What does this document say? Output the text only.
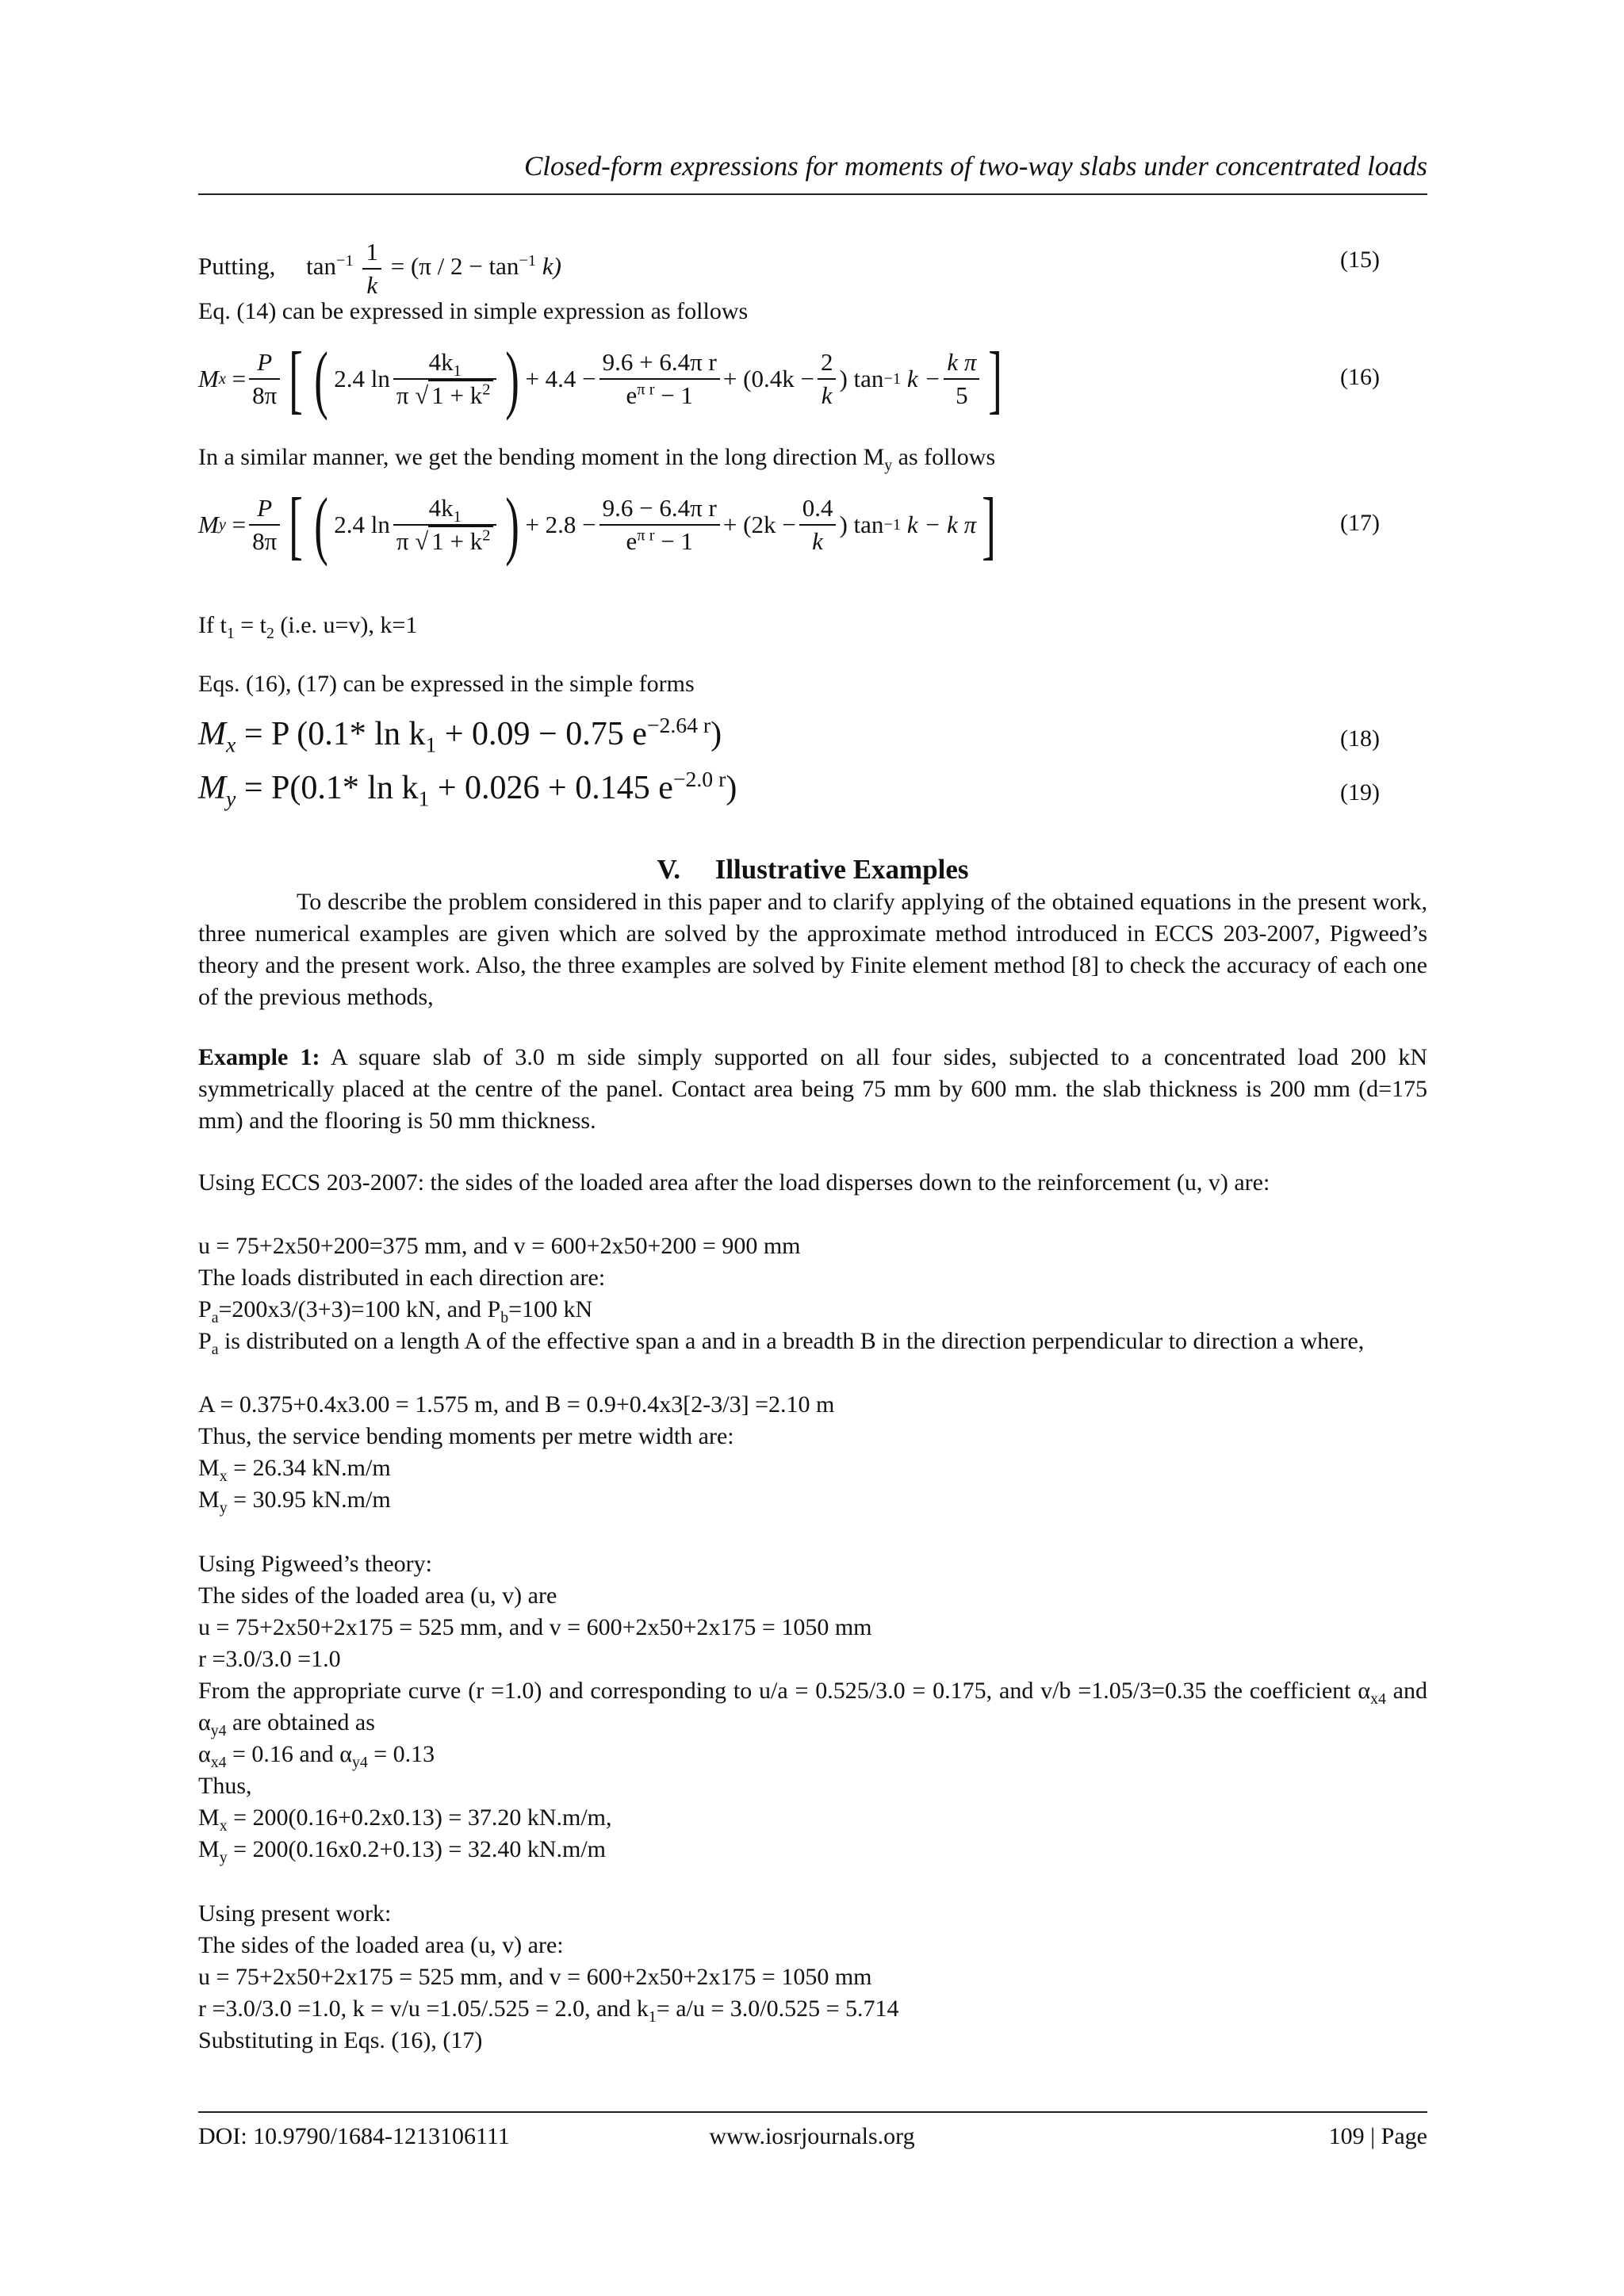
Closed-form expressions for moments of two-way slabs under concentrated loads
Putting, $\tan^{-1} \frac{1}{k} = (\pi / 2 - \tan^{-1} k)$	(15)
Eq. (14) can be expressed in simple expression as follows
M $x = \frac{P}{8\pi}$ [ ( 2.4 $\ln \frac{4k_1}{\pi √ 1 + k^2}$ ) + $4.4 - \frac{\text{9.6 + 6.4π r}}{e^{\pi r} - 1} + (0.4k - \frac{2}{k}$ ) tan −1
$k - \frac{\text{k π}}{5}$ ]	(16)
In a similar manner, we get the bending moment in the long direction $M_y$ as follows
M $y = \frac{P}{8\pi}$ [ ( 2.4 $\ln \frac{4k_1}{\pi √ 1 + k^2}$ ) + $2.8 - \frac{\text{9.6 − 6.4π r}}{e^{\pi r} - 1} + (2k - \frac{0.4}{k}$ ) tan −1
k − k π ]	(17)
If $t_1 = t_2$ (i.e. u=v), k=1
Eqs. (16), (17) can be expressed in the simple forms
$M_x = P$ (0.1* $\ln k_1 + 0.09 - 0.75$ $e^{-2.64 r}$)	(18)
$M_y = P(0.1*$ $\ln k_1 + 0.026 + 0.145$ $e^{-2.0 r}$)	(19)
V.     Illustrative Examples
To describe the problem considered in this paper and to clarify applying of the obtained equations in the present work, three numerical examples are given which are solved by the approximate method introduced in ECCS 203-2007, Pigweed’s theory and the present work. Also, the three examples are solved by Finite element method [8] to check the accuracy of each one of the previous methods,
Example 1: A square slab of 3.0 m side simply supported on all four sides, subjected to a concentrated load 200 kN symmetrically placed at the centre of the panel. Contact area being 75 mm by 600 mm. the slab thickness is 200 mm (d=175 mm) and the flooring is 50 mm thickness.
Using ECCS 203-2007: the sides of the loaded area after the load disperses down to the reinforcement (u, v) are:
u = 75+2x50+200=375 mm, and v = 600+2x50+200 = 900 mm
The loads distributed in each direction are:
$P_a=200x3/(3+3)=100$ kN, and $P_b=100$ kN
$P_a$ is distributed on a length A of the effective span a and in a breadth B in the direction perpendicular to direction a where,
A = 0.375+0.4x3.00 = 1.575 m, and B = 0.9+0.4x3[2-3/3] =2.10 m
Thus, the service bending moments per metre width are:
$M_x = 26.34$ kN.m/m
$M_y = 30.95$ kN.m/m
Using Pigweed’s theory:
The sides of the loaded area (u, v) are
u = 75+2x50+2x175 = 525 mm, and v = 600+2x50+2x175 = 1050 mm
r =3.0/3.0 =1.0
From the appropriate curve (r =1.0) and corresponding to u/a = 0.525/3.0 = 0.175, and v/b =1.05/3=0.35 the coefficient $\alpha_{x4}$ and $\alpha_{y4}$ are obtained as
$\alpha_{x4} = 0.16$ and $\alpha_{y4} = 0.13$
Thus,
$M_x = 200(0.16+0.2x0.13) = 37.20$ kN.m/m,
$M_y = 200(0.16x0.2+0.13) = 32.40$ kN.m/m
Using present work:
The sides of the loaded area (u, v) are:
u = 75+2x50+2x175 = 525 mm, and v = 600+2x50+2x175 = 1050 mm
r =3.0/3.0 =1.0, k = v/u =1.05/.525 = 2.0, and $k_1= a/u = 3.0/0.525 = 5.714$
Substituting in Eqs. (16), (17)
DOI: 10.9790/1684-1213106111	www.iosrjournals.org	109 | Page
